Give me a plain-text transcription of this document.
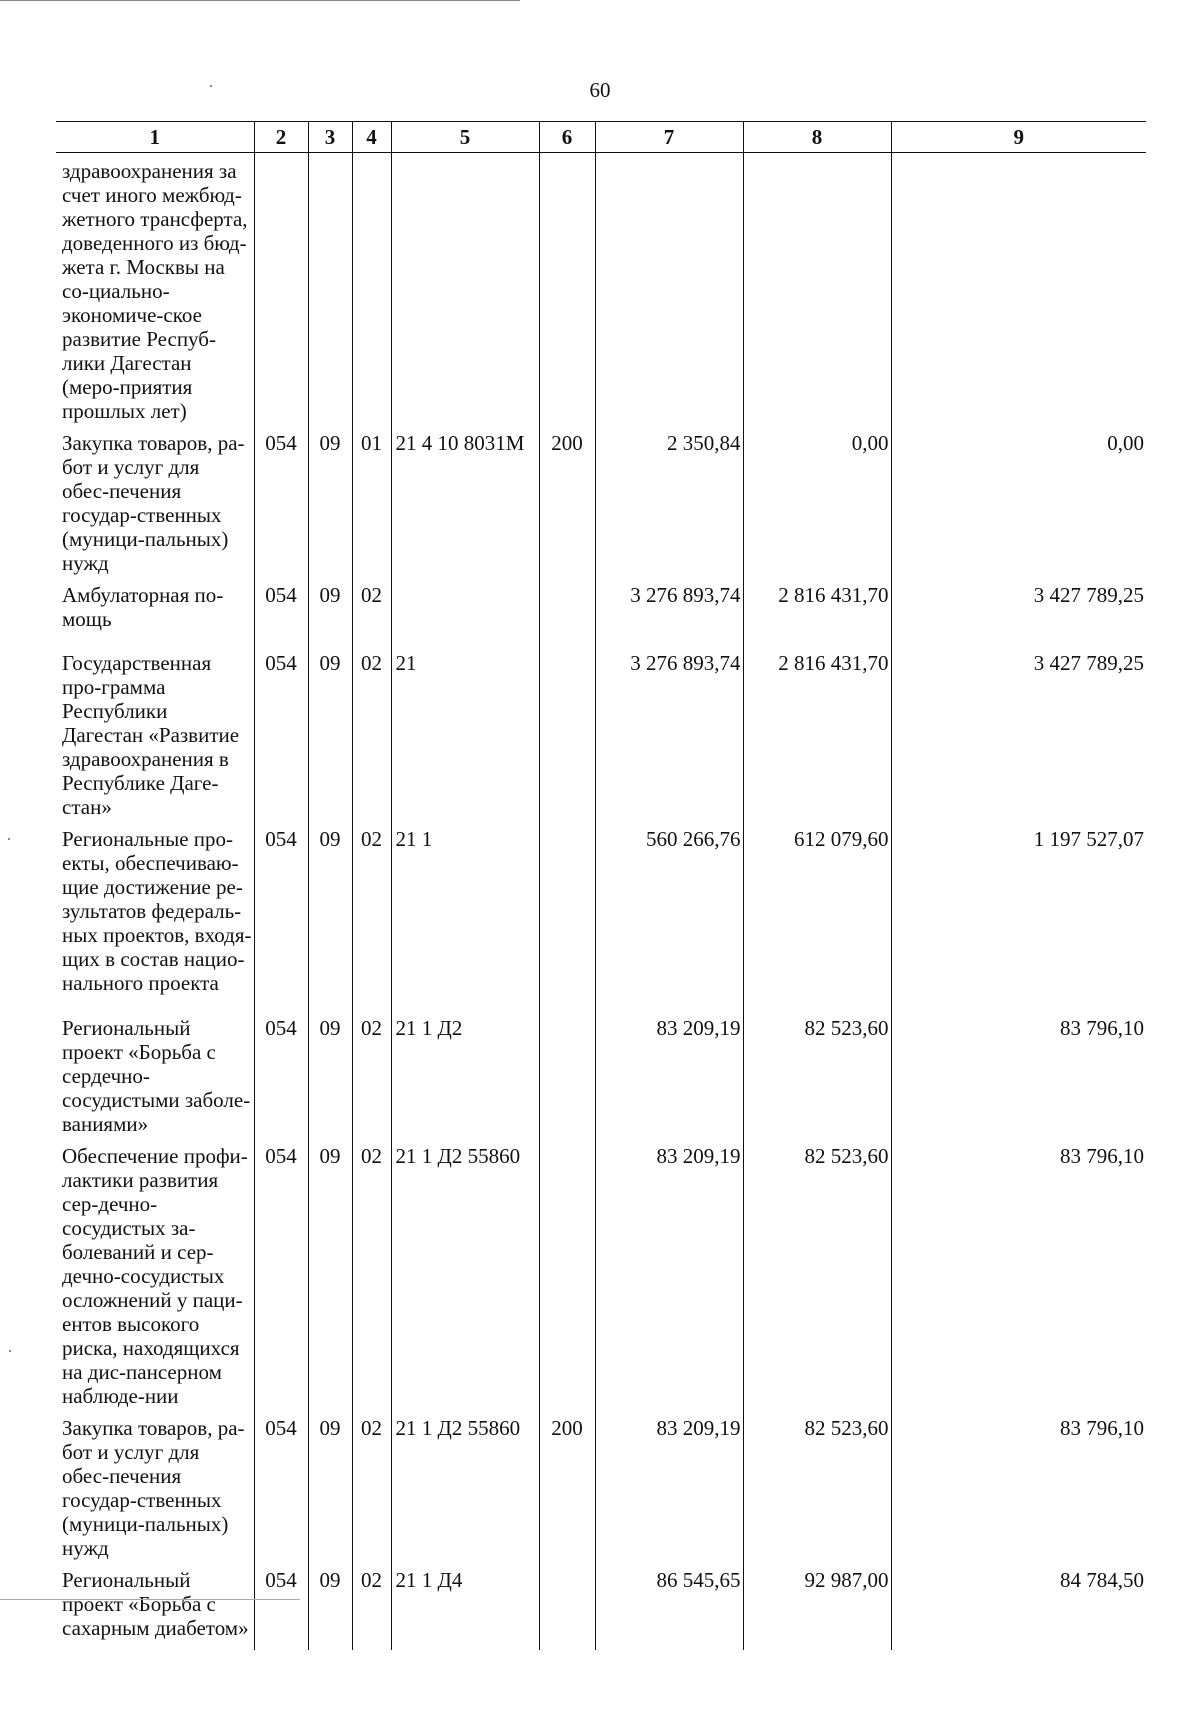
60
1	2	3	4	5	6	7	8	9
здравоохранения за счет иного межбюд-жетного трансферта, доведенного из бюд-жета г. Москвы на со-циально-экономиче-ское развитие Респуб-лики Дагестан (меро-приятия прошлых лет)								
Закупка товаров, ра-бот и услуг для обес-печения государ-ственных (муници-пальных) нужд	054	09	01	21 4 10 8031M	200	2 350,84	0,00	0,00
Амбулаторная по-мощь	054	09	02			3 276 893,74	2 816 431,70	3 427 789,25
Государственная про-грамма Республики Дагестан «Развитие здравоохранения в Республике Даге-стан»	054	09	02	21		3 276 893,74	2 816 431,70	3 427 789,25
Региональные про-екты, обеспечиваю-щие достижение ре-зультатов федераль-ных проектов, входя-щих в состав нацио-нального проекта	054	09	02	21 1		560 266,76	612 079,60	1 197 527,07
Региональный проект «Борьба с сердечно-сосудистыми заболе-ваниями»	054	09	02	21 1 Д2		83 209,19	82 523,60	83 796,10
Обеспечение профи-лактики развития сер-дечно-сосудистых за-болеваний и сер-дечно-сосудистых осложнений у паци-ентов высокого риска, находящихся на дис-пансерном наблюде-нии	054	09	02	21 1 Д2 55860		83 209,19	82 523,60	83 796,10
Закупка товаров, ра-бот и услуг для обес-печения государ-ственных (муници-пальных) нужд	054	09	02	21 1 Д2 55860	200	83 209,19	82 523,60	83 796,10
Региональный проект «Борьба с сахарным диабетом»	054	09	02	21 1 Д4		86 545,65	92 987,00	84 784,50
